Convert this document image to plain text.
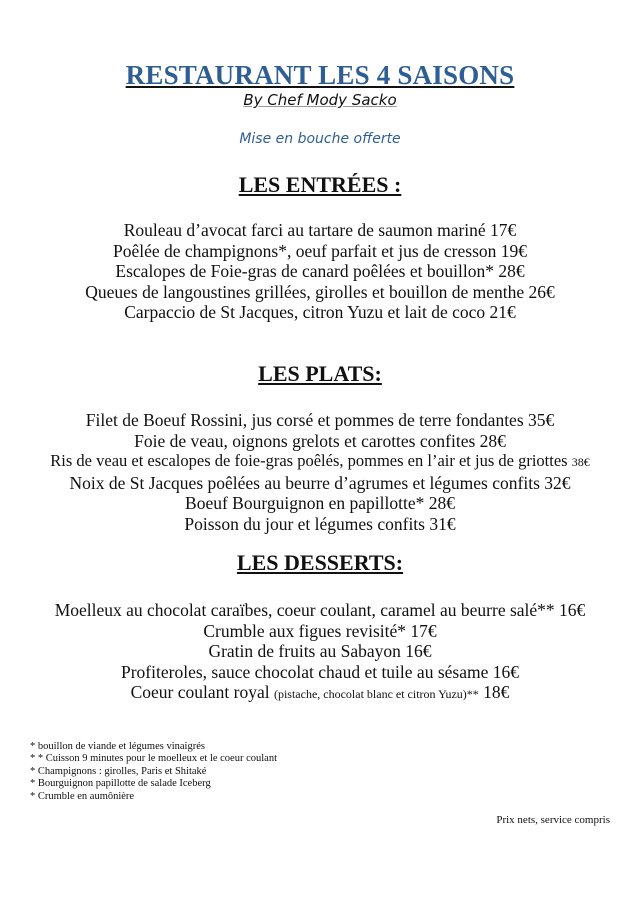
RESTAURANT LES 4 SAISONS
By Chef Mody Sacko
Mise en bouche offerte
LES ENTRÉES :
Rouleau d’avocat farci au tartare de saumon mariné 17€
Poêlée de champignons*, oeuf parfait et jus de cresson 19€
Escalopes de Foie-gras de canard poêlées et bouillon* 28€
Queues de langoustines grillées, girolles et bouillon de menthe 26€
Carpaccio de St Jacques, citron Yuzu et lait de coco 21€
LES PLATS:
Filet de Boeuf Rossini, jus corsé et pommes de terre fondantes 35€
Foie de veau, oignons grelots et carottes confites 28€
Ris de veau et escalopes de foie-gras poêlés, pommes en l’air et jus de griottes 38€
Noix de St Jacques poêlées au beurre d’agrumes et légumes confits 32€
Boeuf Bourguignon en papillotte* 28€
Poisson du jour et légumes confits 31€
LES DESSERTS:
Moelleux au chocolat caraïbes, coeur coulant, caramel au beurre salé** 16€
Crumble aux figues revisité* 17€
Gratin de fruits au Sabayon 16€
Profiteroles, sauce chocolat chaud et tuile au sésame 16€
Coeur coulant royal (pistache, chocolat blanc et citron Yuzu)** 18€
* bouillon de viande et légumes vinaigrés
* * Cuisson 9 minutes pour le moelleux et le coeur coulant
* Champignons : girolles, Paris et Shitaké
* Bourguignon papillotte de salade Iceberg
* Crumble en aumônière
Prix nets, service compris
